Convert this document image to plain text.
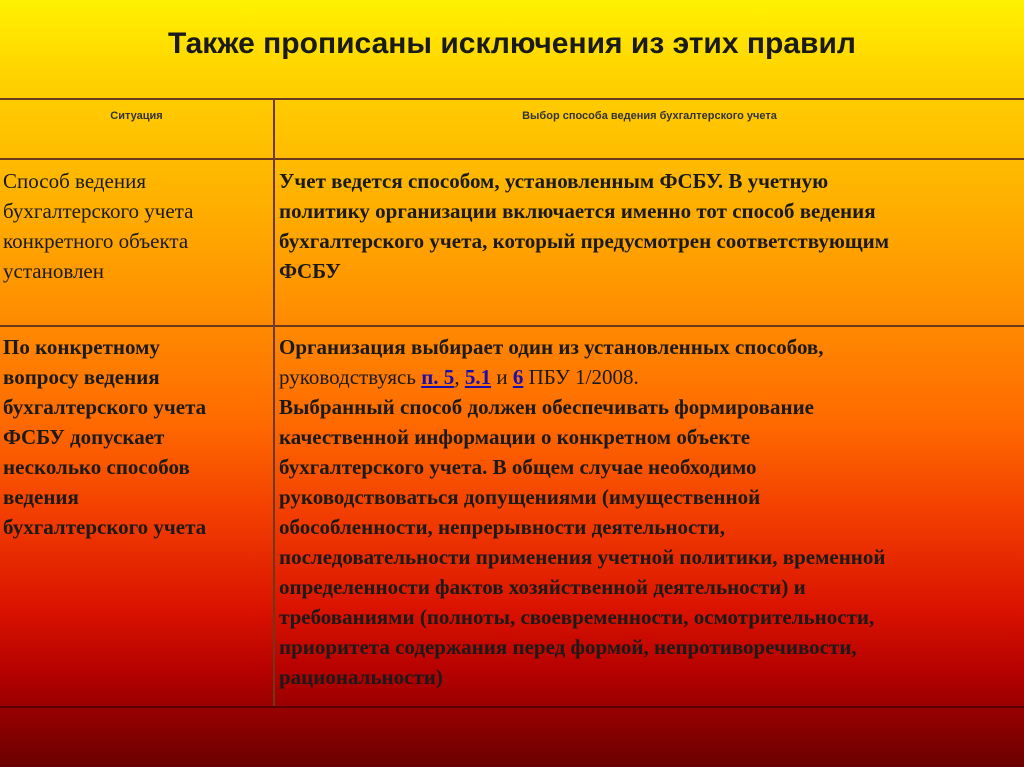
Также прописаны исключения из этих правил
Ситуация	Выбор способа ведения бухгалтерского учета
Способ ведения
бухгалтерского учета
конкретного объекта
установлен
Учет ведется способом, установленным ФСБУ. В учетную
политику организации включается именно тот способ ведения
бухгалтерского учета, который предусмотрен соответствующим
ФСБУ
По конкретному
вопросу ведения
бухгалтерского учета
ФСБУ допускает
несколько способов
ведения
бухгалтерского учета
Организация выбирает один из установленных способов,
руководствуясь п. 5, 5.1 и 6 ПБУ 1/2008.
Выбранный способ должен обеспечивать формирование
качественной информации о конкретном объекте
бухгалтерского учета. В общем случае необходимо
руководствоваться допущениями (имущественной
обособленности, непрерывности деятельности,
последовательности применения учетной политики, временной
определенности фактов хозяйственной деятельности) и
требованиями (полноты, своевременности, осмотрительности,
приоритета содержания перед формой, непротиворечивости,
рациональности)
